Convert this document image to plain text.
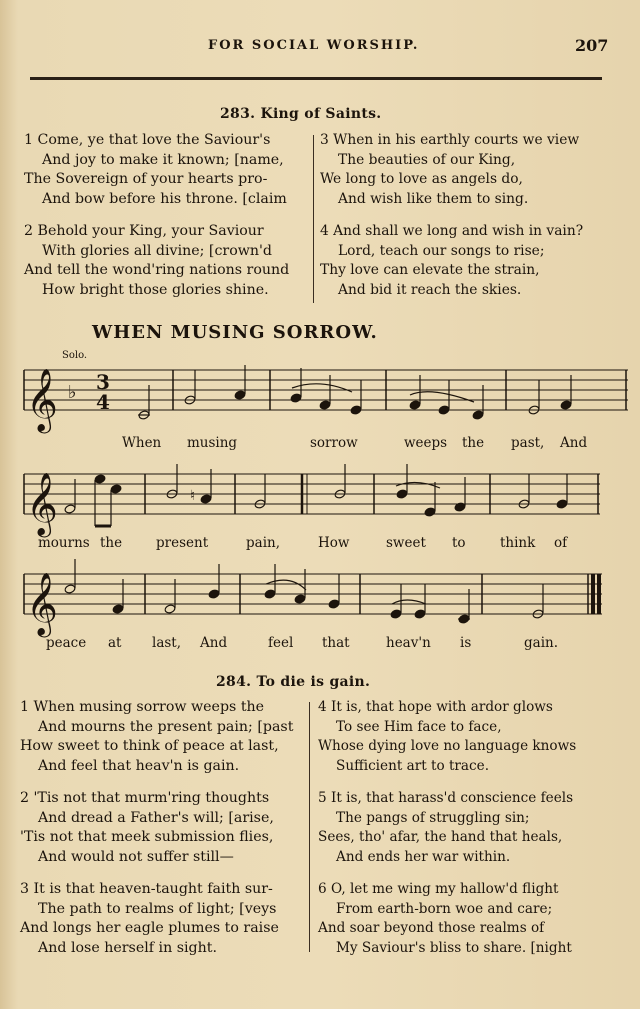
FOR SOCIAL WORSHIP.	207
283. King of Saints.
1 Come, ye that love the Saviour's
And joy to make it known; [name,
The Sovereign of your hearts pro-
And bow before his throne. [claim
2 Behold your King, your Saviour
With glories all divine; [crown'd
And tell the wond'ring nations round
How bright those glories shine.
3 When in his earthly courts we view
The beauties of our King,
We long to love as angels do,
And wish like them to sing.
4 And shall we long and wish in vain?
Lord, teach our songs to rise;
Thy love can elevate the strain,
And bid it reach the skies.
WHEN MUSING SORROW.
Solo.
𝄞
𝄞
𝄞
♭ 3
4
♮
When musing	sorrow	weeps the past, And
mourns the	present	pain,	How	sweet to	think of
peace at last, And	feel that	heav'n is	gain.
284. To die is gain.
1 When musing sorrow weeps the
And mourns the present pain; [past
How sweet to think of peace at last,
And feel that heav'n is gain.
2 'Tis not that murm'ring thoughts
And dread a Father's will; [arise,
'Tis not that meek submission flies,
And would not suffer still—
3 It is that heaven-taught faith sur-
The path to realms of light; [veys
And longs her eagle plumes to raise
And lose herself in sight.
4 It is, that hope with ardor glows
To see Him face to face,
Whose dying love no language knows
Sufficient art to trace.
5 It is, that harass'd conscience feels
The pangs of struggling sin;
Sees, tho' afar, the hand that heals,
And ends her war within.
6 O, let me wing my hallow'd flight
From earth-born woe and care;
And soar beyond those realms of
My Saviour's bliss to share. [night
